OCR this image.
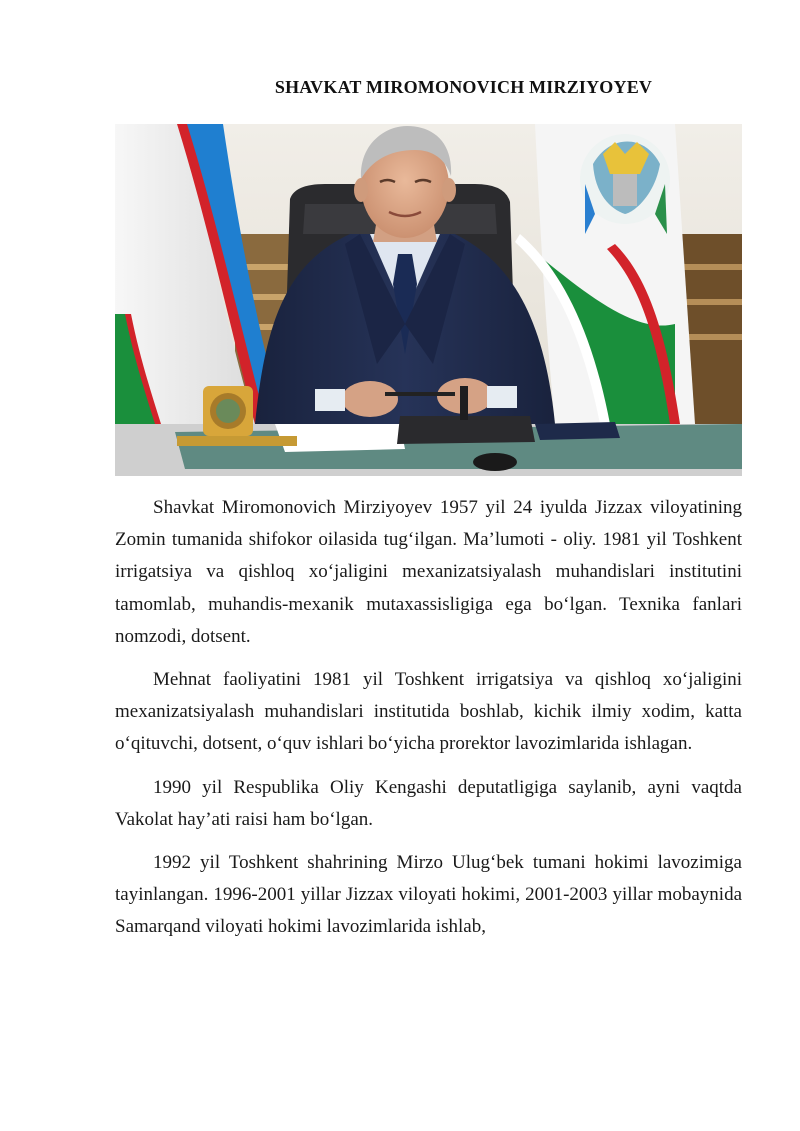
SHAVKAT MIROMONOVICH MIRZIYOYEV

Shavkat Miromonovich Mirziyoyev 1957 yil 24 iyulda Jizzax viloyatining Zomin tumanida shifokor oilasida tug‘ilgan. Ma’lumoti - oliy. 1981 yil Toshkent irrigatsiya va qishloq xo‘jaligini mexanizatsiyalash muhandislari institutini tamomlab, muhandis-mexanik mutaxassisligiga ega bo‘lgan. Texnika fanlari nomzodi, dotsent.

Mehnat faoliyatini 1981 yil Toshkent irrigatsiya va qishloq xo‘jaligini mexanizatsiyalash muhandislari institutida boshlab, kichik ilmiy xodim, katta o‘qituvchi, dotsent, o‘quv ishlari bo‘yicha prorektor lavozimlarida ishlagan.

1990 yil Respublika Oliy Kengashi deputatligiga saylanib, ayni vaqtda Vakolat hay’ati raisi ham bo‘lgan.

1992 yil Toshkent shahrining Mirzo Ulug‘bek tumani hokimi lavozimiga tayinlangan. 1996-2001 yillar Jizzax viloyati hokimi, 2001-2003 yillar mobaynida Samarqand viloyati hokimi lavozimlarida ishlab,
